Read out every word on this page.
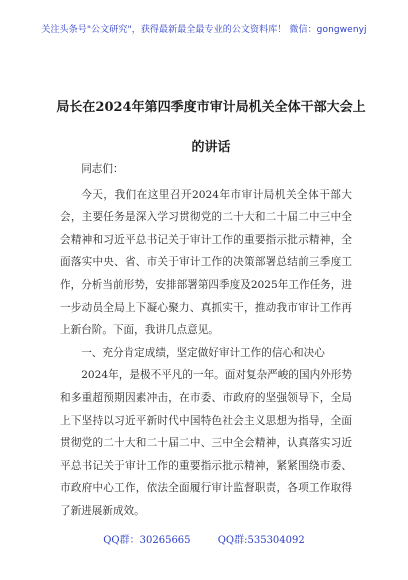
关注头条号"公文研究"，获得最新最全最专业的公文资料库！ 微信：gongwenyj
局长在2024年第四季度市审计局机关全体干部大会上的讲话

同志们：

今天，我们在这里召开2024年市审计局机关全体干部大会，主要任务是深入学习贯彻党的二十大和二十届二中三中全会精神和习近平总书记关于审计工作的重要指示批示精神，全面落实中央、省、市关于审计工作的决策部署总结前三季度工作，分析当前形势，安排部署第四季度及2025年工作任务，进一步动员全局上下凝心聚力、真抓实干，推动我市审计工作再上新台阶。下面，我讲几点意见。

一、充分肯定成绩，坚定做好审计工作的信心和决心

2024年，是极不平凡的一年。面对复杂严峻的国内外形势和多重超预期因素冲击，在市委、市政府的坚强领导下，全局上下坚持以习近平新时代中国特色社会主义思想为指导，全面贯彻党的二十大和二十届二中、三中全会精神，认真落实习近平总书记关于审计工作的重要指示批示精神，紧紧围绕市委、市政府中心工作，依法全面履行审计监督职责，各项工作取得了新进展新成效。

QQ群：30265665	QQ群:535304092
